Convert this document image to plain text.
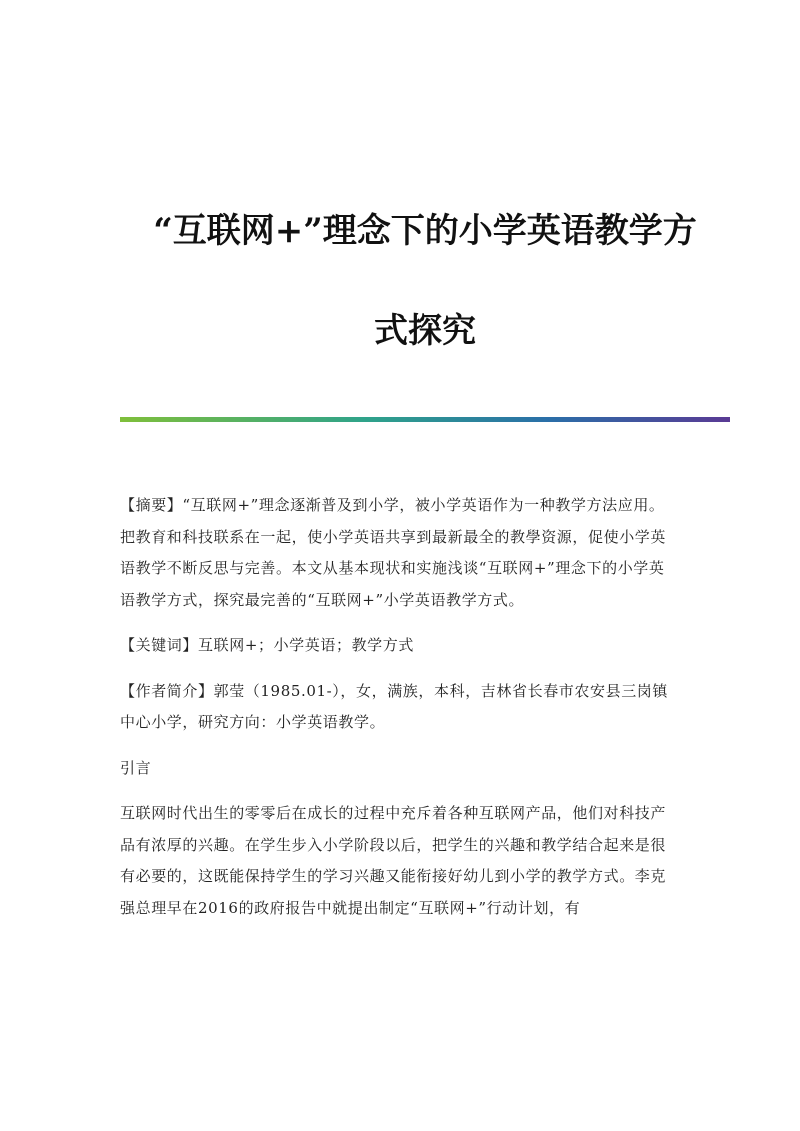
“互联网+”理念下的小学英语教学方
式探究

【摘要】“互联网+”理念逐渐普及到小学，被小学英语作为一种教学方法应用。把教育和科技联系在一起，使小学英语共享到最新最全的教學资源，促使小学英语教学不断反思与完善。本文从基本现状和实施浅谈“互联网+”理念下的小学英语教学方式，探究最完善的“互联网+”小学英语教学方式。

【关键词】互联网+；小学英语；教学方式

【作者简介】郭莹（1985.01-），女，满族，本科，吉林省长春市农安县三岗镇中心小学，研究方向：小学英语教学。

引言

互联网时代出生的零零后在成长的过程中充斥着各种互联网产品，他们对科技产品有浓厚的兴趣。在学生步入小学阶段以后，把学生的兴趣和教学结合起来是很有必要的，这既能保持学生的学习兴趣又能衔接好幼儿到小学的教学方式。李克强总理早在2016的政府报告中就提出制定“互联网+”行动计划，有
